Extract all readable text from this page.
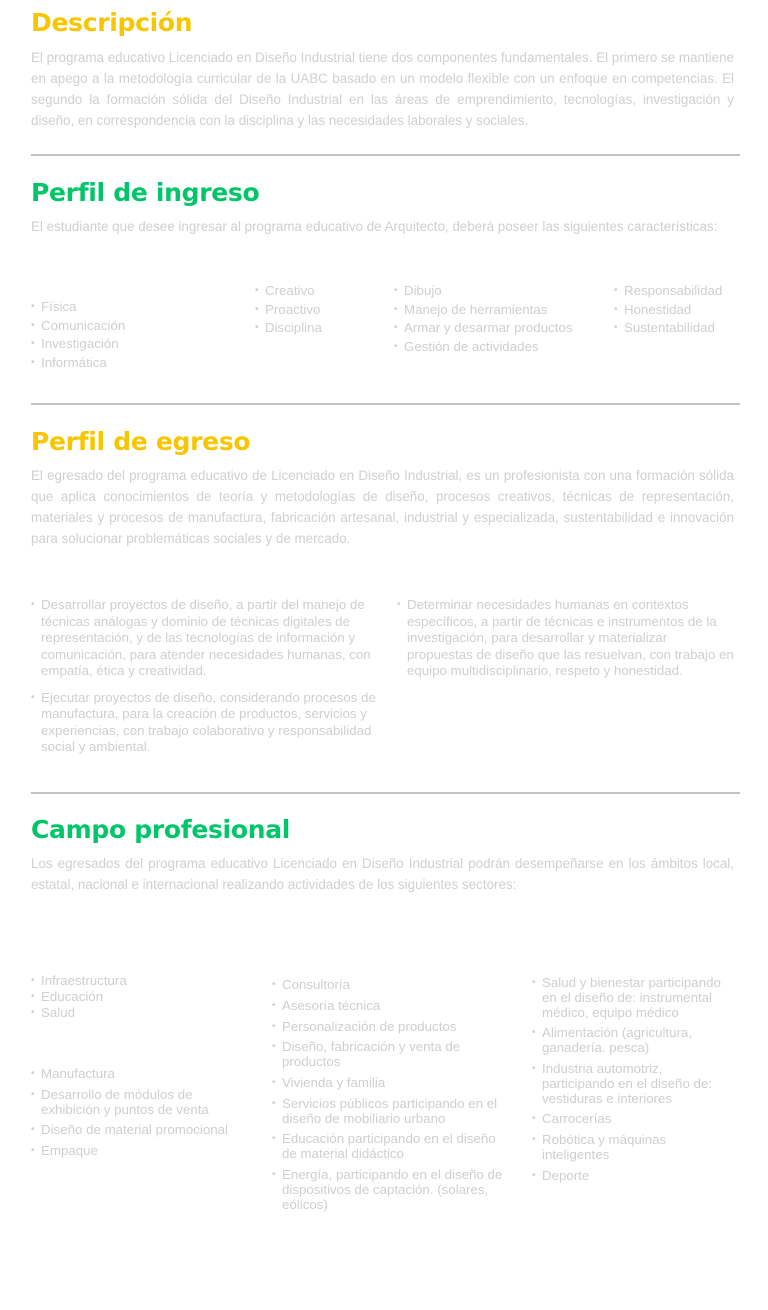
Descripción

El programa educativo Licenciado en Diseño Industrial tiene dos componentes fundamentales. El primero se mantiene en apego a la metodología curricular de la UABC basado en un modelo flexible con un enfoque en competencias. El segundo la formación sólida del Diseño Industrial en las áreas de emprendimiento, tecnologías, investigación y diseño, en correspondencia con la disciplina y las necesidades laborales y sociales.

Perfil de ingreso

El estudiante que desee ingresar al programa educativo de Arquitecto, deberá poseer las siguientes características:

• Física
• Comunicación
• Investigación
• Informática
• Creativo
• Proactivo
• Disciplina
• Dibujo
• Manejo de herramientas
• Armar y desarmar productos
• Gestión de actividades
• Responsabilidad
• Honestidad
• Sustentabilidad
Perfil de egreso

El egresado del programa educativo de Licenciado en Diseño Industrial, es un profesionista con una formación sólida que aplica conocimientos de teoría y metodologías de diseño, procesos creativos, técnicas de representación, materiales y procesos de manufactura, fabricación artesanal, industrial y especializada, sustentabilidad e innovación para solucionar problemáticas sociales y de mercado.

• Desarrollar proyectos de diseño, a partir del manejo de técnicas análogas y dominio de técnicas digitales de representación, y de las tecnologías de información y comunicación, para atender necesidades humanas, con empatía, ética y creatividad.
• Ejecutar proyectos de diseño, considerando procesos de manufactura, para la creación de productos, servicios y experiencias, con trabajo colaborativo y responsabilidad social y ambiental.
• Determinar necesidades humanas en contextos específicos, a partir de técnicas e instrumentos de la investigación, para desarrollar y materializar propuestas de diseño que las resuelvan, con trabajo en equipo multidisciplinario, respeto y honestidad.
Campo profesional

Los egresados del programa educativo Licenciado en Diseño Industrial podrán desempeñarse en los ámbitos local, estatal, nacional e internacional realizando actividades de los siguientes sectores:

• Infraestructura
• Educación
• Salud
• Manufactura
• Desarrollo de módulos de exhibición y puntos de venta
• Diseño de material promocional
• Empaque
• Consultoría
• Asesoría técnica
• Personalización de productos
• Diseño, fabricación y venta de productos
• Vivienda y familia
• Servicios públicos participando en el diseño de mobiliario urbano
• Educación participando en el diseño de material didáctico
• Energía, participando en el diseño de dispositivos de captación. (solares, eólicos)
• Salud y bienestar participando en el diseño de: instrumental médico, equipo médico
• Alimentación (agricultura, ganadería. pesca)
• Industria automotriz, participando en el diseño de: vestiduras e interiores
• Carrocerías
• Robótica y máquinas inteligentes
• Deporte
